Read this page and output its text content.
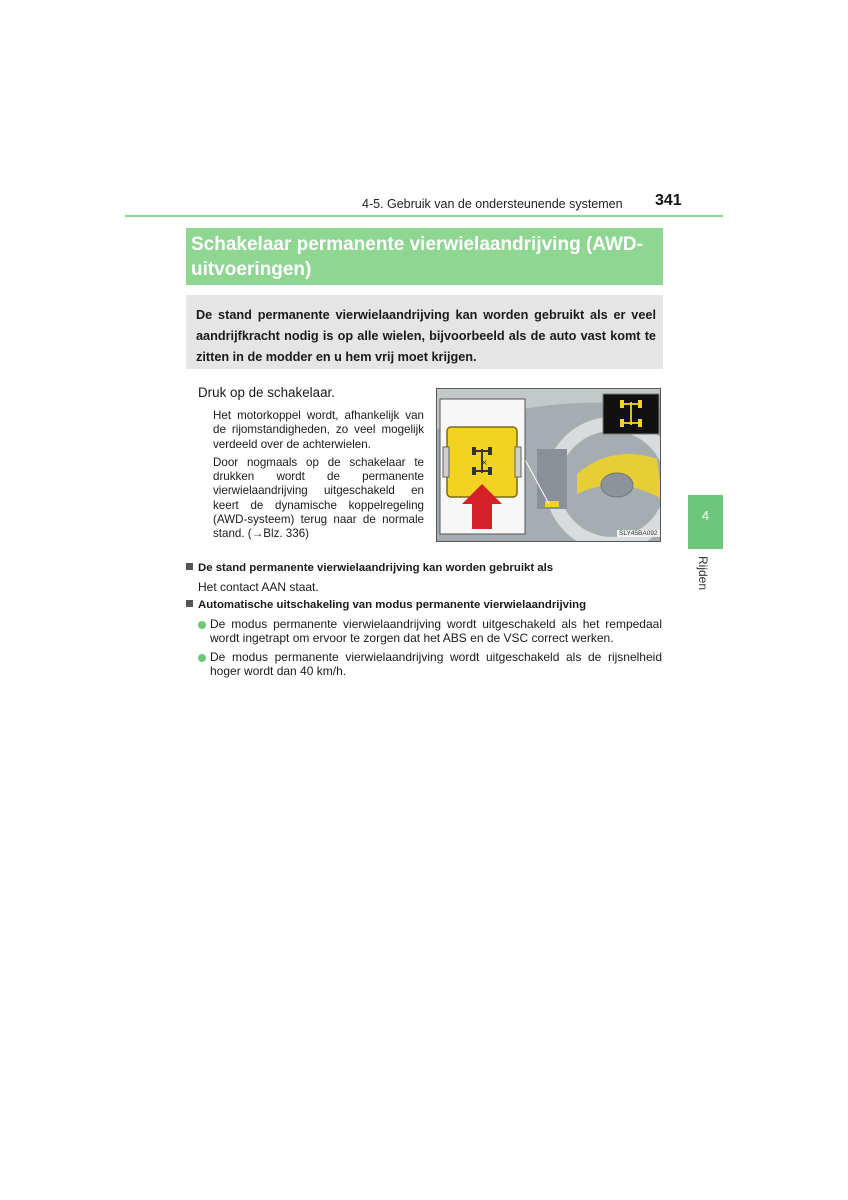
4-5. Gebruik van de ondersteunende systemen 341
4
Rijden
Schakelaar permanente vierwielaandrijving (AWD-uitvoeringen)
De stand permanente vierwielaandrijving kan worden gebruikt als er veel aandrijfkracht nodig is op alle wielen, bijvoorbeeld als de auto vast komt te zitten in de modder en u hem vrij moet krijgen.
Druk op de schakelaar.

Het motorkoppel wordt, afhankelijk van de rijomstandigheden, zo veel mogelijk verdeeld over de achterwielen.

Door nogmaals op de schakelaar te drukken wordt de permanente vierwielaandrijving uitgeschakeld en keert de dynamische koppelregeling (AWD-systeem) terug naar de normale stand. (→Blz. 336)

×
SLY45BA092
De stand permanente vierwielaandrijving kan worden gebruikt als
Het contact AAN staat.
Automatische uitschakeling van modus permanente vierwielaandrijving
De modus permanente vierwielaandrijving wordt uitgeschakeld als het rempedaal wordt ingetrapt om ervoor te zorgen dat het ABS en de VSC correct werken.
De modus permanente vierwielaandrijving wordt uitgeschakeld als de rijsnelheid hoger wordt dan 40 km/h.
